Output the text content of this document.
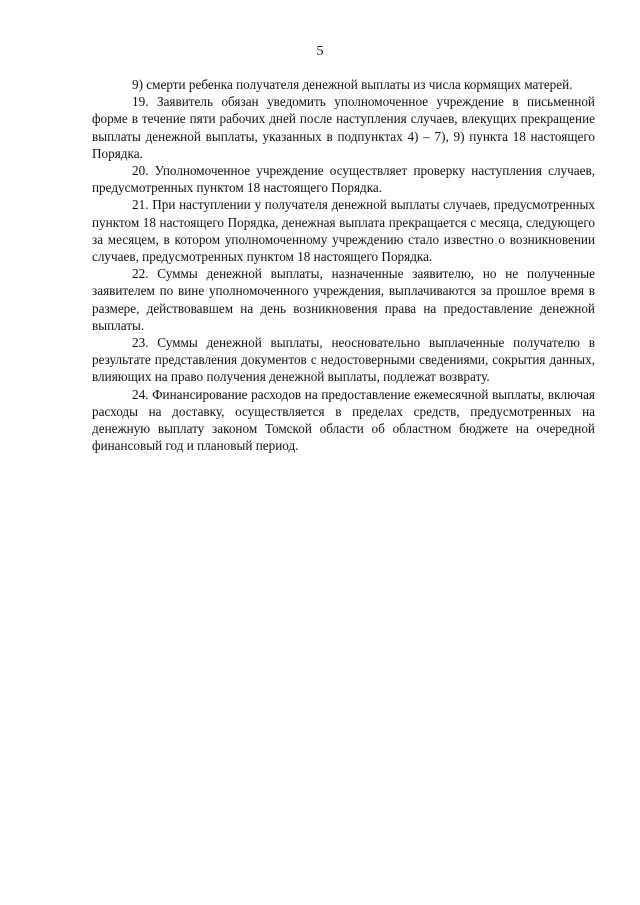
5

9) смерти ребенка получателя денежной выплаты из числа кормящих матерей.

19. Заявитель обязан уведомить уполномоченное учреждение в письменной форме в течение пяти рабочих дней после наступления случаев, влекущих прекращение выплаты денежной выплаты, указанных в подпунктах 4) – 7), 9) пункта 18 настоящего Порядка.

20. Уполномоченное учреждение осуществляет проверку наступления случаев, предусмотренных пунктом 18 настоящего Порядка.

21. При наступлении у получателя денежной выплаты случаев, предусмотренных пунктом 18 настоящего Порядка, денежная выплата прекращается с месяца, следующего за месяцем, в котором уполномоченному учреждению стало известно о возникновении случаев, предусмотренных пунктом 18 настоящего Порядка.

22. Суммы денежной выплаты, назначенные заявителю, но не полученные заявителем по вине уполномоченного учреждения, выплачиваются за прошлое время в размере, действовавшем на день возникновения права на предоставление денежной выплаты.

23. Суммы денежной выплаты, неосновательно выплаченные получателю в результате представления документов с недостоверными сведениями, сокрытия данных, влияющих на право получения денежной выплаты, подлежат возврату.

24. Финансирование расходов на предоставление ежемесячной выплаты, включая расходы на доставку, осуществляется в пределах средств, предусмотренных на денежную выплату законом Томской области об областном бюджете на очередной финансовый год и плановый период.
